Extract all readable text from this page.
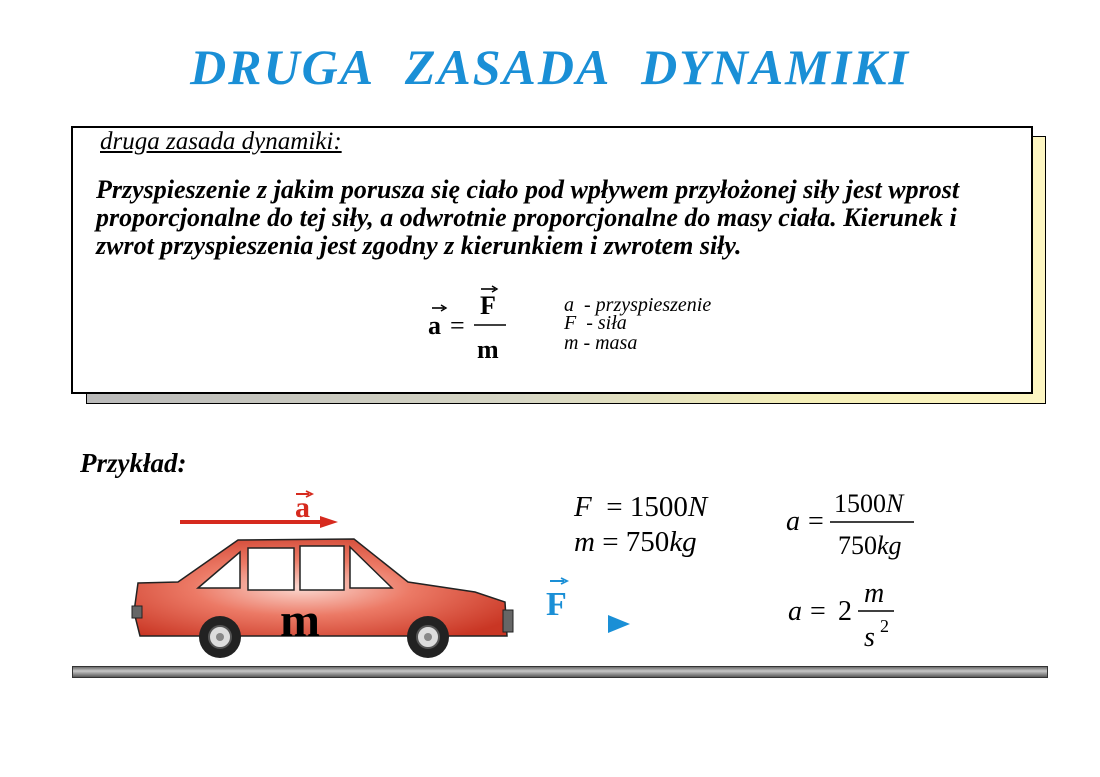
DRUGA ZASADA DYNAMIKI
druga zasada dynamiki:
Przyspieszenie z jakim porusza się ciało pod wpływem przyłożonej siły jest wprost proporcjonalne do tej siły, a odwrotnie proporcjonalne do masy ciała. Kierunek i zwrot przyspieszenia jest zgodny z kierunkiem i zwrotem siły.
a =
F
m
a  - przyspieszenie
F  - siła
m - masa
Przykład:
a
m	F
F = 1500N
m = 750kg
a =
1500N
750kg
a = 2
m
s 2
